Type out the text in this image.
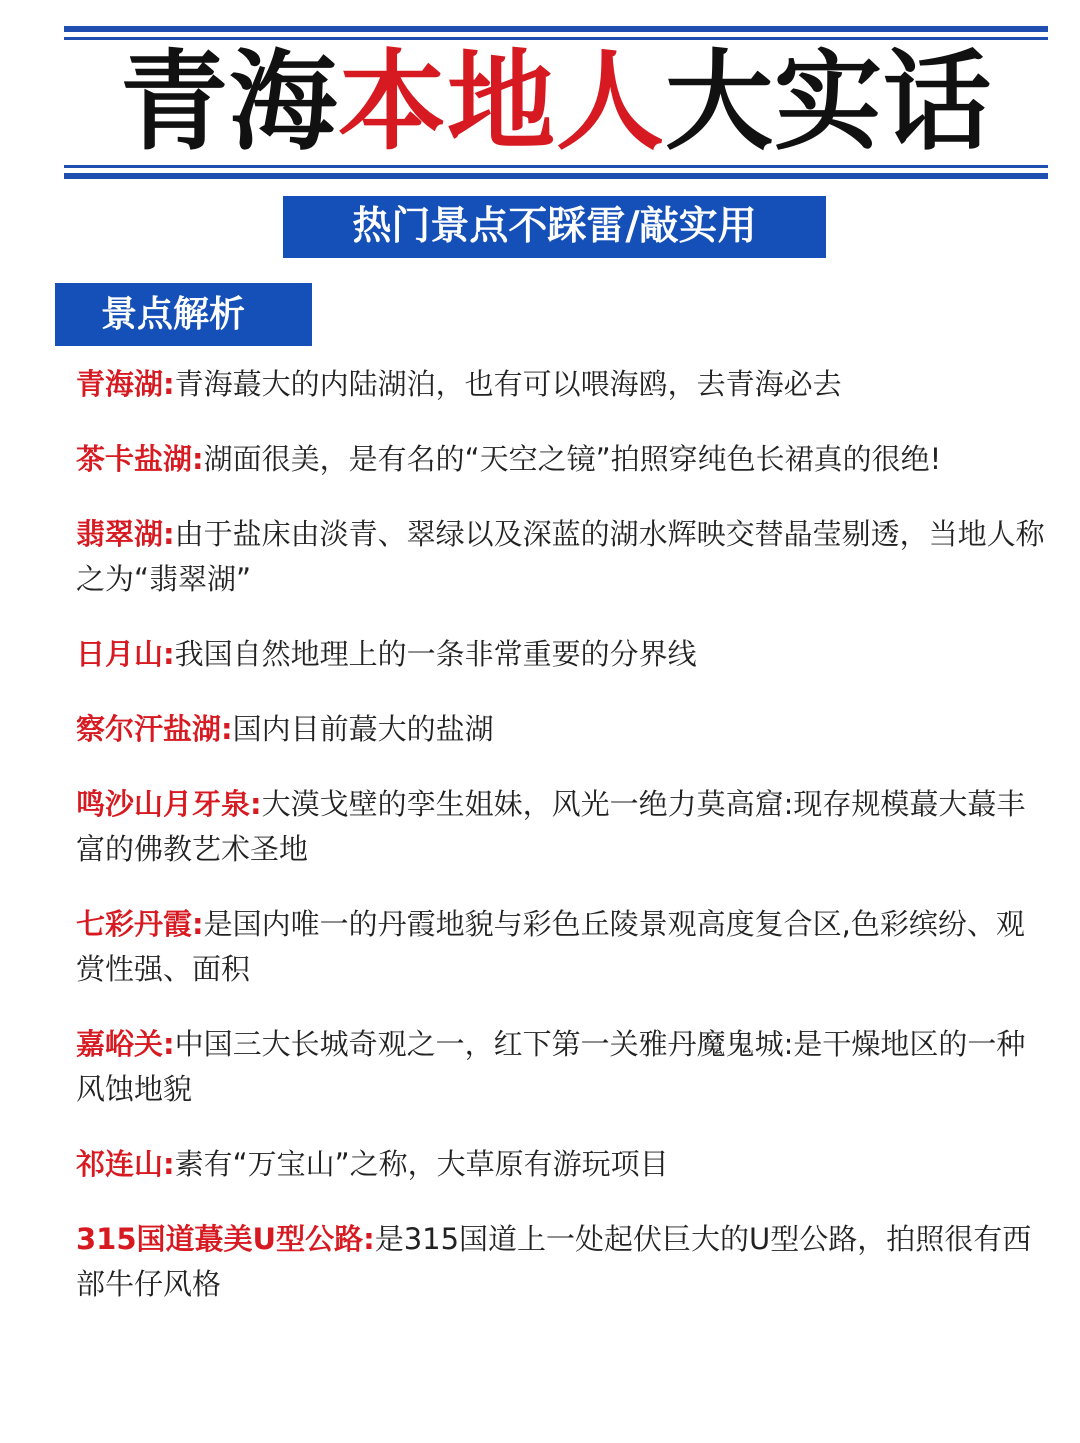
青海本地人大实话
热门景点不踩雷/敲实用
景点解析
青海湖:青海蕞大的内陆湖泊，也有可以喂海鸥，去青海必去
茶卡盐湖:湖面很美，是有名的“天空之镜”拍照穿纯色长裙真的很绝!
翡翠湖:由于盐床由淡青、翠绿以及深蓝的湖水辉映交替晶莹剔透，当地人称之为“翡翠湖”
日月山:我国自然地理上的一条非常重要的分界线
察尔汗盐湖:国内目前蕞大的盐湖
鸣沙山月牙泉:大漠戈壁的孪生姐妹，风光一绝力莫高窟:现存规模蕞大蕞丰富的佛教艺术圣地
七彩丹霞:是国内唯一的丹霞地貌与彩色丘陵景观高度复合区,色彩缤纷、观赏性强、面积
嘉峪关:中国三大长城奇观之一，红下第一关雅丹魔鬼城:是干燥地区的一种风蚀地貌
祁连山:素有“万宝山”之称，大草原有游玩项目
315国道蕞美U型公路:是315国道上一处起伏巨大的U型公路，拍照很有西部牛仔风格
